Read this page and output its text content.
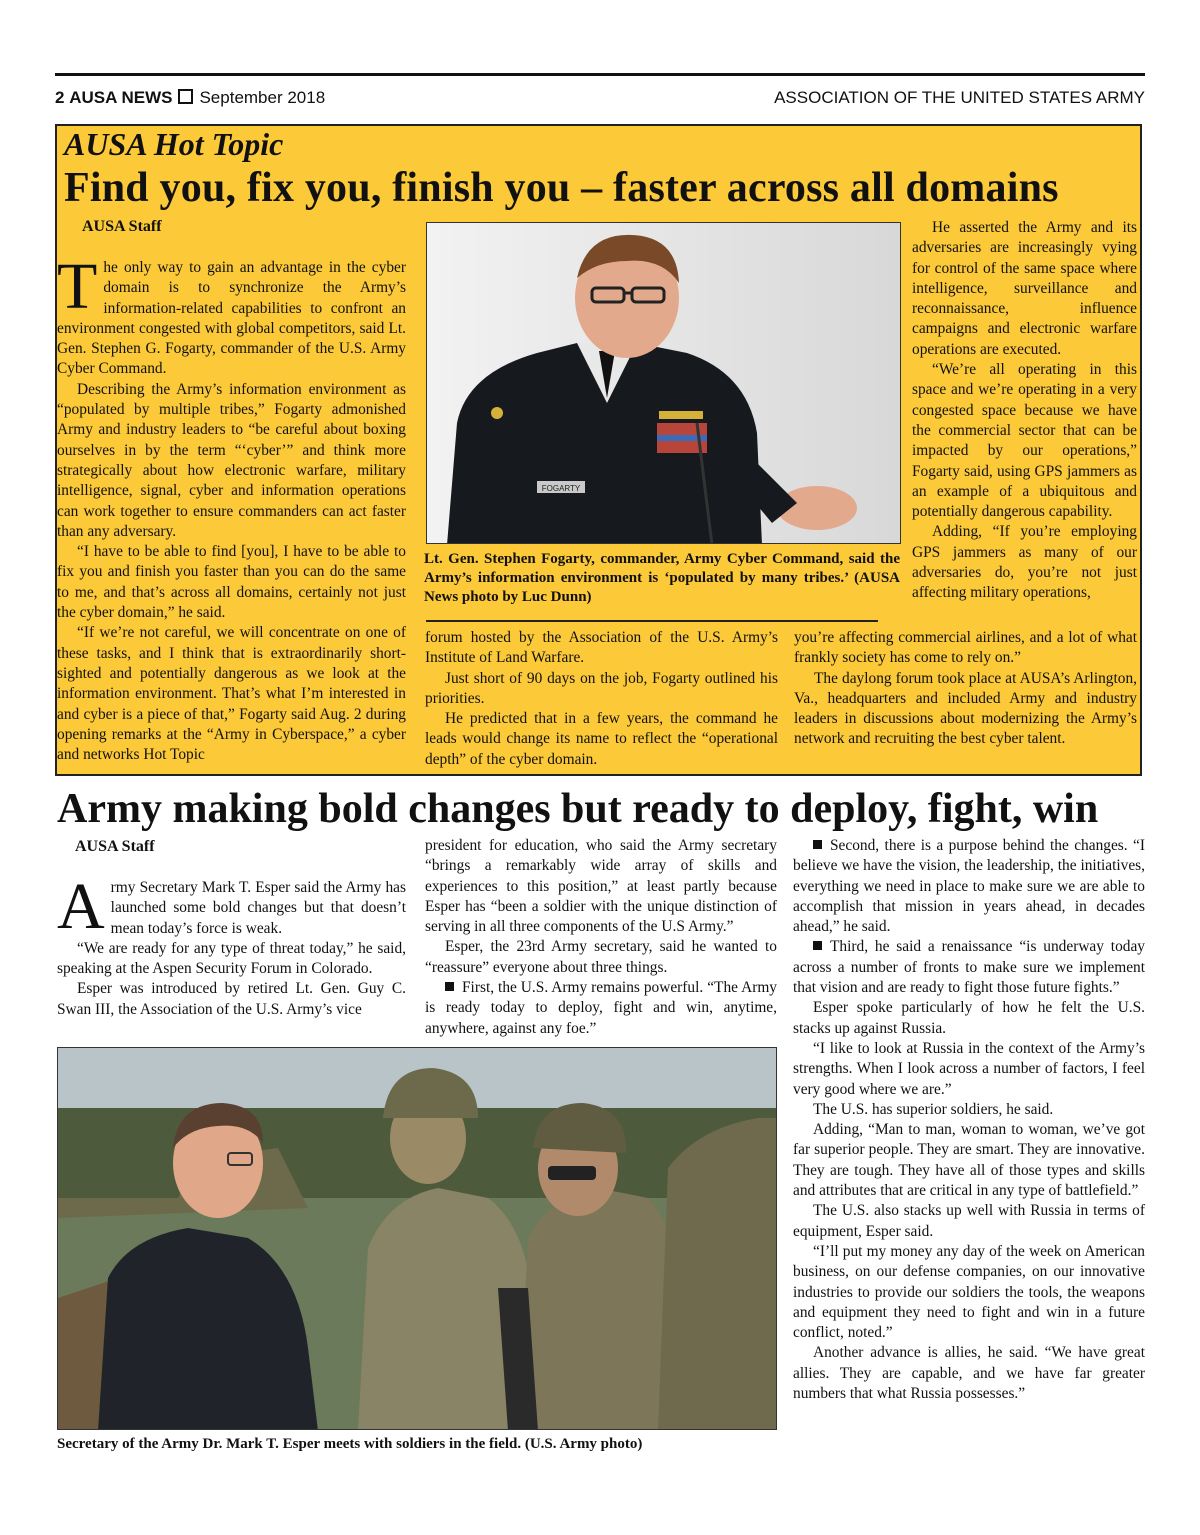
2 AUSA NEWS September 2018	ASSOCIATION OF THE UNITED STATES ARMY
AUSA Hot Topic
Find you, fix you, finish you – faster across all domains
AUSA Staff

The only way to gain an advantage in the cyber domain is to synchronize the Army’s information-related capabilities to confront an environment congested with global competitors, said Lt. Gen. Stephen G. Fogarty, commander of the U.S. Army Cyber Command.

Describing the Army’s information environment as “populated by multiple tribes,” Fogarty admonished Army and industry leaders to “be careful about boxing ourselves in by the term “‘cyber’” and think more strategically about how electronic warfare, military intelligence, signal, cyber and information operations can work together to ensure commanders can act faster than any adversary.

“I have to be able to find [you], I have to be able to fix you and finish you faster than you can do the same to me, and that’s across all domains, certainly not just the cyber domain,” he said.

“If we’re not careful, we will concentrate on one of these tasks, and I think that is extraordinarily short-sighted and potentially dangerous as we look at the information environment. That’s what I’m interested in and cyber is a piece of that,” Fogarty said Aug. 2 during opening remarks at the “Army in Cyberspace,” a cyber and networks Hot Topic

FOGARTY
Lt. Gen. Stephen Fogarty, commander, Army Cyber Command, said the Army’s information environment is ‘populated by many tribes.’ (AUSA News photo by Luc Dunn)

forum hosted by the Association of the U.S. Army’s Institute of Land Warfare.

Just short of 90 days on the job, Fogarty outlined his priorities.

He predicted that in a few years, the command he leads would change its name to reflect the “operational depth” of the cyber domain.

He asserted the Army and its adversaries are increasingly vying for control of the same space where intelligence, surveillance and reconnaissance, influence campaigns and electronic warfare operations are executed.

“We’re all operating in this space and we’re operating in a very congested space because we have the commercial sector that can be impacted by our operations,” Fogarty said, using GPS jammers as an example of a ubiquitous and potentially dangerous capability.

Adding, “If you’re employing GPS jammers as many of our adversaries do, you’re not just affecting military operations,

you’re affecting commercial airlines, and a lot of what frankly society has come to rely on.”

The daylong forum took place at AUSA’s Arlington, Va., headquarters and included Army and industry leaders in discussions about modernizing the Army’s network and recruiting the best cyber talent.

Army making bold changes but ready to deploy, fight, win
AUSA Staff

Army Secretary Mark T. Esper said the Army has launched some bold changes but that doesn’t mean today’s force is weak.

“We are ready for any type of threat today,” he said, speaking at the Aspen Security Forum in Colorado.

Esper was introduced by retired Lt. Gen. Guy C. Swan III, the Association of the U.S. Army’s vice

president for education, who said the Army secretary “brings a remarkably wide array of skills and experiences to this position,” at least partly because Esper has “been a soldier with the unique distinction of serving in all three components of the U.S Army.”

Esper, the 23rd Army secretary, said he wanted to “reassure” everyone about three things.

First, the U.S. Army remains powerful. “The Army is ready today to deploy, fight and win, anytime, anywhere, against any foe.”

Second, there is a purpose behind the changes. “I believe we have the vision, the leadership, the initiatives, everything we need in place to make sure we are able to accomplish that mission in years ahead, in decades ahead,” he said.

Third, he said a renaissance “is underway today across a number of fronts to make sure we implement that vision and are ready to fight those future fights.”

Esper spoke particularly of how he felt the U.S. stacks up against Russia.

“I like to look at Russia in the context of the Army’s strengths. When I look across a number of factors, I feel very good where we are.”

The U.S. has superior soldiers, he said.

Adding, “Man to man, woman to woman, we’ve got far superior people. They are smart. They are innovative. They are tough. They have all of those types and skills and attributes that are critical in any type of battlefield.”

The U.S. also stacks up well with Russia in terms of equipment, Esper said.

“I’ll put my money any day of the week on American business, on our defense companies, on our innovative industries to provide our soldiers the tools, the weapons and equipment they need to fight and win in a future conflict, noted.”

Another advance is allies, he said. “We have great allies. They are capable, and we have far greater numbers that what Russia possesses.”

Secretary of the Army Dr. Mark T. Esper meets with soldiers in the field. (U.S. Army photo)
